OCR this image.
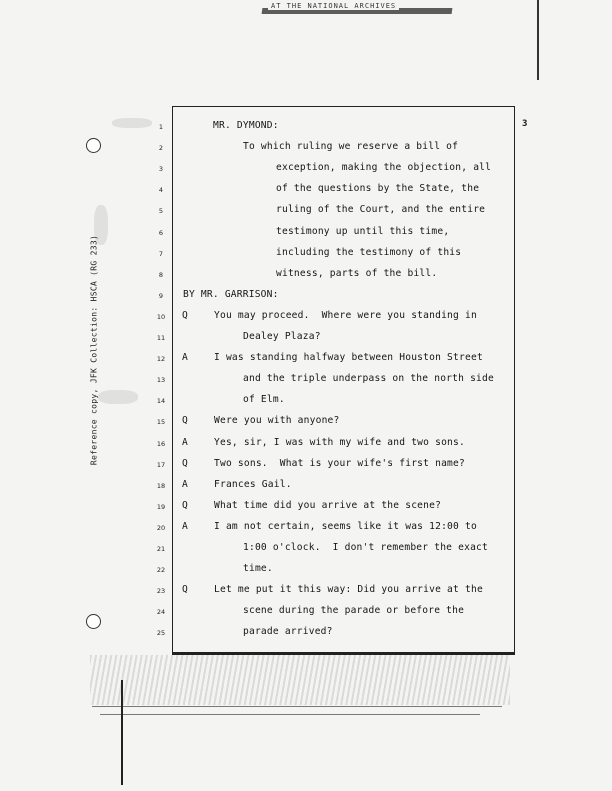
AT THE NATIONAL ARCHIVES
Reference copy, JFK Collection: HSCA (RG 233)
3
1	MR. DYMOND:
2	To which ruling we reserve a bill of
3	exception, making the objection, all
4	of the questions by the State, the
5	ruling of the Court, and the entire
6	testimony up until this time,
7	including the testimony of this
8	witness, parts of the bill.
9	BY MR. GARRISON:
10	Q	You may proceed.  Where were you standing in
11	Dealey Plaza?
12	A	I was standing halfway between Houston Street
13	and the triple underpass on the north side
14	of Elm.
15	Q	Were you with anyone?
16	A	Yes, sir, I was with my wife and two sons.
17	Q	Two sons.  What is your wife's first name?
18	A	Frances Gail.
19	Q	What time did you arrive at the scene?
20	A	I am not certain, seems like it was 12:00 to
21	1:00 o'clock.  I don't remember the exact
22	time.
23	Q	Let me put it this way: Did you arrive at the
24	scene during the parade or before the
25	parade arrived?
